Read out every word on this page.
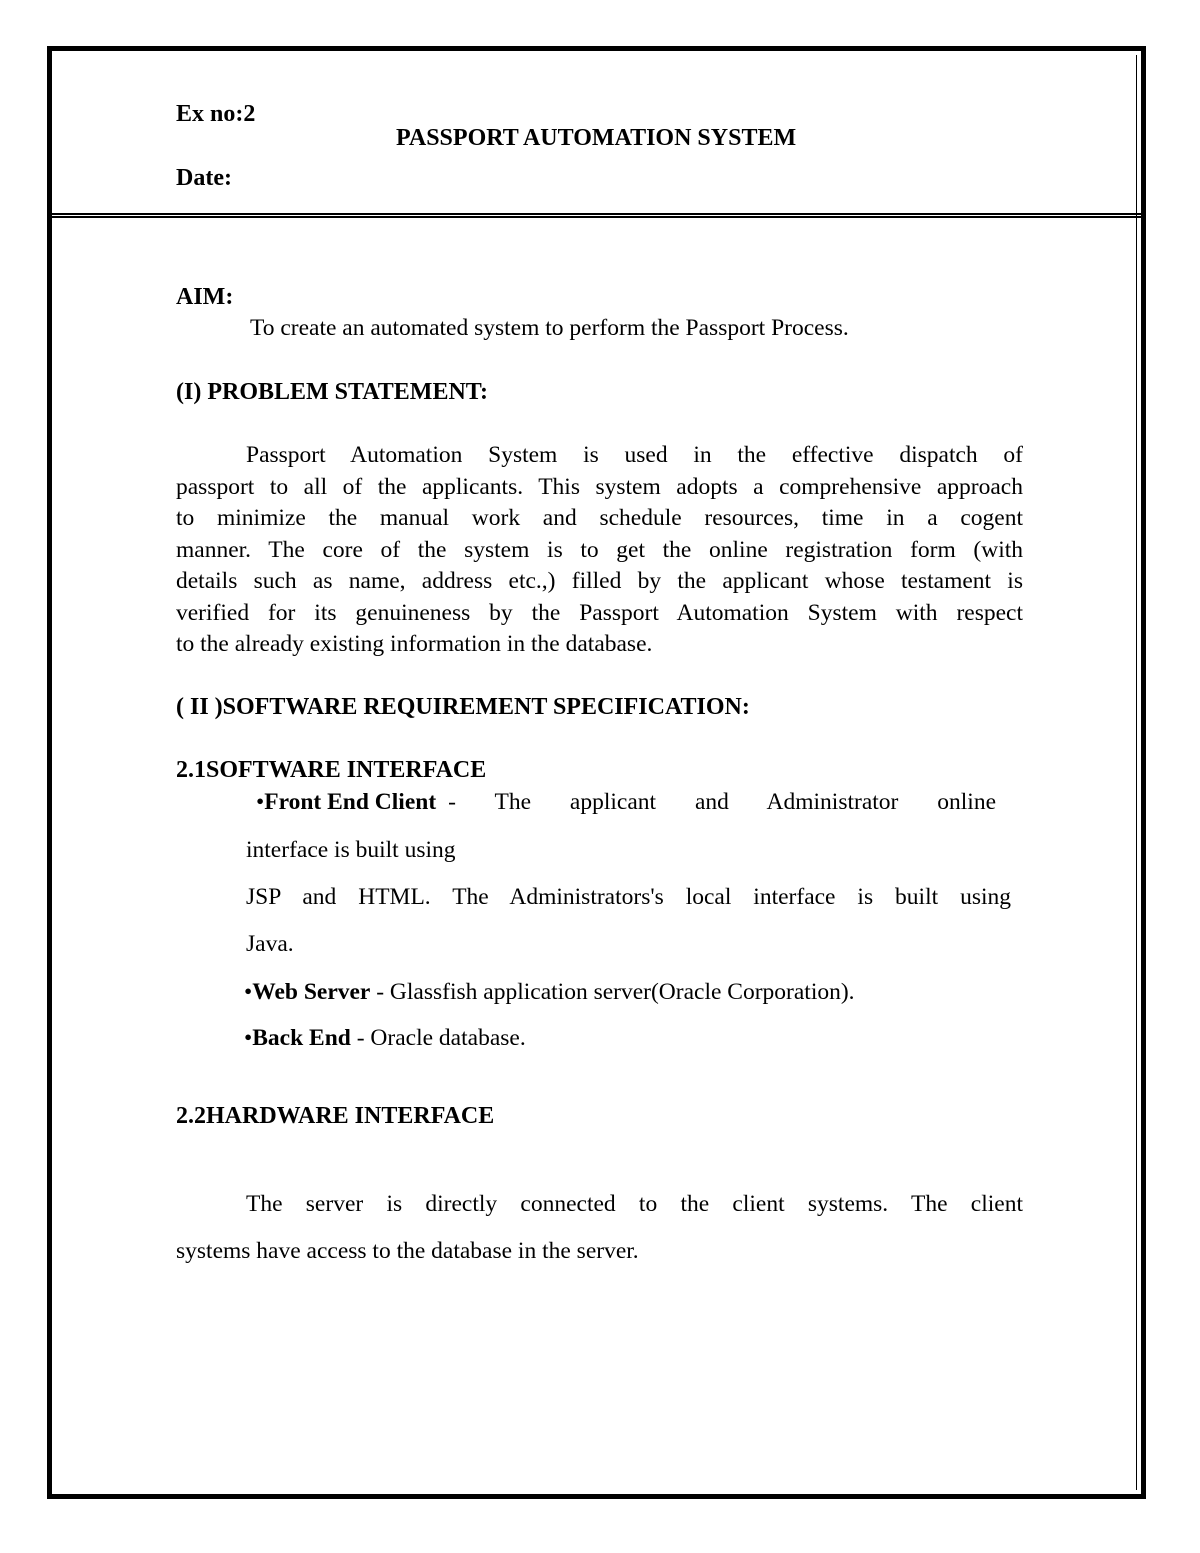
Ex no:2
PASSPORT AUTOMATION SYSTEM
Date:
AIM:
To create an automated system to perform the Passport Process.
(I) PROBLEM STATEMENT:
Passport Automation System is used in the effective dispatch of
passport to all of the applicants. This system adopts a comprehensive approach
to minimize the manual work and schedule resources, time in a cogent
manner. The core of the system is to get the online registration form (with
details such as name, address etc.,) filled by the applicant whose testament is
verified for its genuineness by the Passport Automation System with respect
to the already existing information in the database.
( II )SOFTWARE REQUIREMENT SPECIFICATION:
2.1SOFTWARE INTERFACE
• Front End Client - The applicant and Administrator online
interface is built using
JSP and HTML. The Administrators's local interface is built using
Java.
•Web Server - Glassfish application server(Oracle Corporation).
•Back End - Oracle database.
2.2HARDWARE INTERFACE
The server is directly connected to the client systems. The client
systems have access to the database in the server.
